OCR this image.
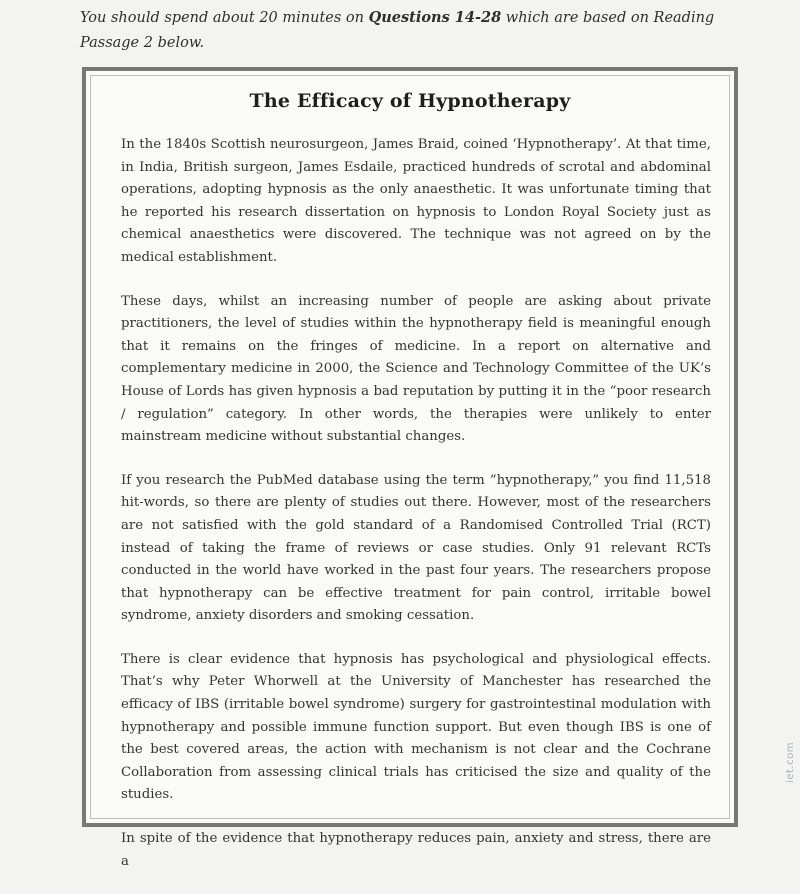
You should spend about 20 minutes on Questions 14-28 which are based on Reading Passage 2 below.
The Efficacy of Hypnotherapy

In the 1840s Scottish neurosurgeon, James Braid, coined ‘Hypnotherapy’. At that time, in India, British surgeon, James Esdaile, practiced hundreds of scrotal and abdominal operations, adopting hypnosis as the only anaesthetic. It was unfortunate timing that he reported his research dissertation on hypnosis to London Royal Society just as chemical anaesthetics were discovered. The technique was not agreed on by the medical establishment.

These days, whilst an increasing number of people are asking about private practitioners, the level of studies within the hypnotherapy field is meaningful enough that it remains on the fringes of medicine. In a report on alternative and complementary medicine in 2000, the Science and Technology Committee of the UK’s House of Lords has given hypnosis a bad reputation by putting it in the “poor research / regulation” category. In other words, the therapies were unlikely to enter mainstream medicine without substantial changes.

If you research the PubMed database using the term “hypnotherapy,” you find 11,518 hit-words, so there are plenty of studies out there. However, most of the researchers are not satisfied with the gold standard of a Randomised Controlled Trial (RCT) instead of taking the frame of reviews or case studies. Only 91 relevant RCTs conducted in the world have worked in the past four years. The researchers propose that hypnotherapy can be effective treatment for pain control, irritable bowel syndrome, anxiety disorders and smoking cessation.

There is clear evidence that hypnosis has psychological and physiological effects. That’s why Peter Whorwell at the University of Manchester has researched the efficacy of IBS (irritable bowel syndrome) surgery for gastrointestinal modulation with hypnotherapy and possible immune function support. But even though IBS is one of the best covered areas, the action with mechanism is not clear and the Cochrane Collaboration from assessing clinical trials has criticised the size and quality of the studies.

In spite of the evidence that hypnotherapy reduces pain, anxiety and stress, there are a

iet.com
